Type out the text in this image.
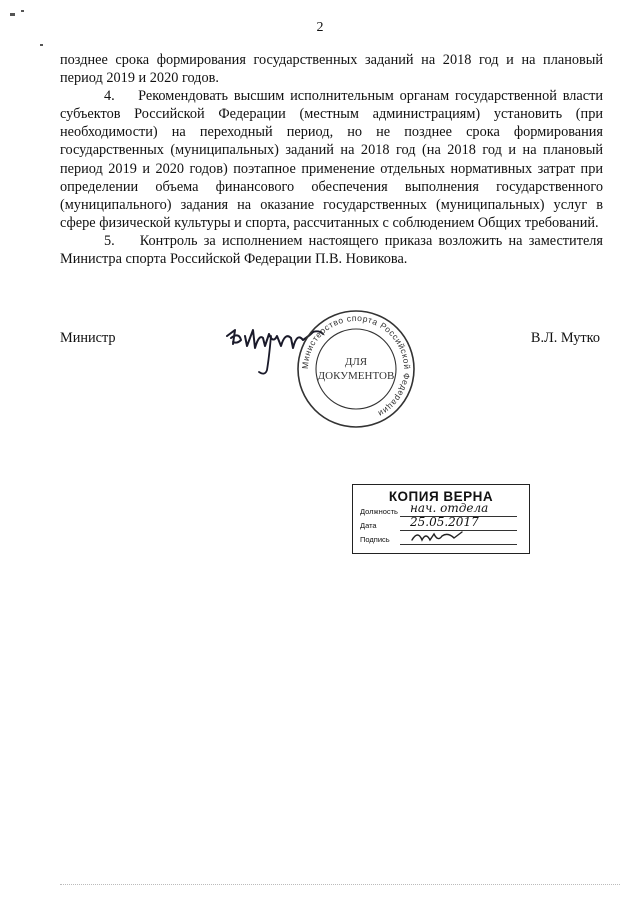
2

позднее срока формирования государственных заданий на 2018 год и на плановый период 2019 и 2020 годов.

4.    Рекомендовать высшим исполнительным органам государственной власти субъектов Российской Федерации (местным администрациям) установить (при необходимости) на переходный период, но не позднее срока формирования государственных (муниципальных) заданий на 2018 год (на 2018 год и на плановый период 2019 и 2020 годов) поэтапное применение отдельных нормативных затрат при определении объема финансового обеспечения выполнения государственного (муниципального) задания на оказание государственных (муниципальных) услуг в сфере физической культуры и спорта, рассчитанных с соблюдением Общих требований.

5.    Контроль за исполнением настоящего приказа возложить на заместителя Министра спорта Российской Федерации П.В. Новикова.

Министр	В.Л. Мутко
Министерство спорта Российской Федерации
ДЛЯ
ДОКУМЕНТОВ
КОПИЯ ВЕРНА
Должность нач. отдела
Дата	25.05.2017
Подпись
